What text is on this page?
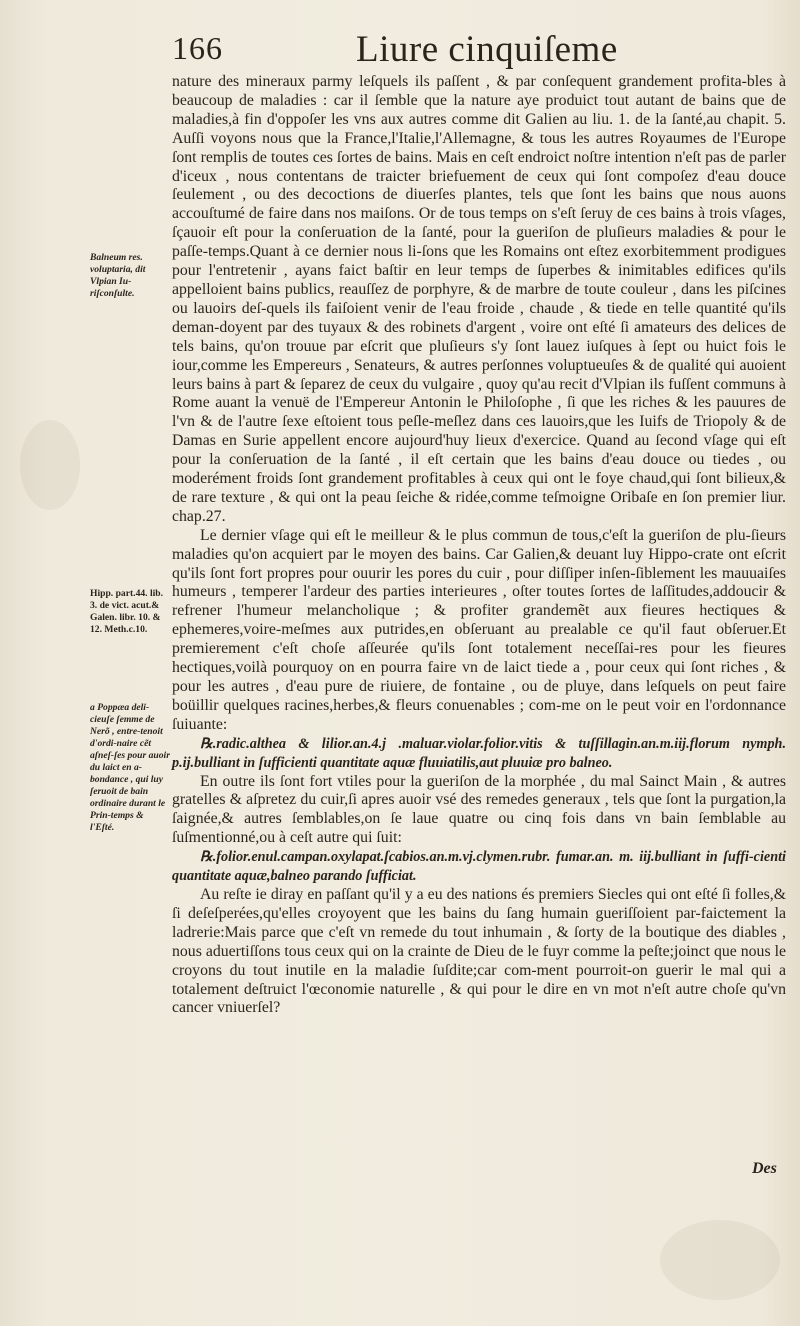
166	Liure cinquiſeme

nature des mineraux parmy leſquels ils paſſent , & par conſequent grandement profita-bles à beaucoup de maladies : car il ſemble que la nature aye produict tout autant de bains que de maladies,à fin d'oppoſer les vns aux autres comme dit Galien au liu. 1. de la ſanté,au chapit. 5. Auſſi voyons nous que la France,l'Italie,l'Allemagne, & tous les autres Royaumes de l'Europe ſont remplis de toutes ces ſortes de bains. Mais en ceſt endroict noſtre intention n'eſt pas de parler d'iceux , nous contentans de traicter briefuement de ceux qui ſont compoſez d'eau douce ſeulement , ou des decoctions de diuerſes plantes, tels que ſont les bains que nous auons accouſtumé de faire dans nos maiſons. Or de tous temps on s'eſt ſeruy de ces bains à trois vſages, ſçauoir eſt pour la conſeruation de la ſanté, pour la gueriſon de pluſieurs maladies & pour le paſſe-temps.Quant à ce dernier nous li-ſons que les Romains ont eſtez exorbitemment prodigues pour l'entretenir , ayans faict baſtir en leur temps de ſuperbes & inimitables edifices qu'ils appelloient bains publics, reauſſez de porphyre, & de marbre de toute couleur , dans les piſcines ou lauoirs deſ-quels ils faiſoient venir de l'eau froide , chaude , & tiede en telle quantité qu'ils deman-doyent par des tuyaux & des robinets d'argent , voire ont eſté ſi amateurs des delices de tels bains, qu'on trouue par eſcrit que pluſieurs s'y ſont lauez iuſques à ſept ou huict fois le iour,comme les Empereurs , Senateurs, & autres perſonnes voluptueuſes & de qualité qui auoient leurs bains à part & ſeparez de ceux du vulgaire , quoy qu'au recit d'Vlpian ils fuſſent communs à Rome auant la venuë de l'Empereur Antonin le Philoſophe , ſi que les riches & les pauures de l'vn & de l'autre ſexe eſtoient tous peſle-meſlez dans ces lauoirs,que les Iuifs de Triopoly & de Damas en Surie appellent encore aujourd'huy lieux d'exercice. Quand au ſecond vſage qui eſt pour la conſeruation de la ſanté , il eſt certain que les bains d'eau douce ou tiedes , ou moderément froids ſont grandement profitables à ceux qui ont le foye chaud,qui ſont bilieux,& de rare texture , & qui ont la peau ſeiche & ridée,comme teſmoigne Oribaſe en ſon premier liur. chap.27.

Le dernier vſage qui eſt le meilleur & le plus commun de tous,c'eſt la gueriſon de plu-ſieurs maladies qu'on acquiert par le moyen des bains. Car Galien,& deuant luy Hippo-crate ont eſcrit qu'ils ſont fort propres pour ouurir les pores du cuir , pour diſſiper inſen-ſiblement les mauuaiſes humeurs , temperer l'ardeur des parties interieures , oſter toutes ſortes de laſſitudes,addoucir & refrener l'humeur melancholique ; & profiter grandemẽt aux fieures hectiques & ephemeres,voire-meſmes aux putrides,en obſeruant au prealable ce qu'il faut obſeruer.Et premierement c'eſt choſe aſſeurée qu'ils ſont totalement neceſſai-res pour les fieures hectiques,voilà pourquoy on en pourra faire vn de laict tiede a , pour ceux qui ſont riches , & pour les autres , d'eau pure de riuiere, de fontaine , ou de pluye, dans leſquels on peut faire boüillir quelques racines,herbes,& fleurs conuenables ; com-me on le peut voir en l'ordonnance ſuiuante:

℞.radic.althea & lilior.an.4.j .maluar.violar.folior.vitis & tuſſillagin.an.m.iij.florum nymph. p.ij.bulliant in ſufficienti quantitate aquæ fluuiatilis,aut pluuiæ pro balneo.

En outre ils ſont fort vtiles pour la gueriſon de la morphée , du mal Sainct Main , & autres gratelles & aſpretez du cuir,ſi apres auoir vsé des remedes generaux , tels que ſont la purgation,la ſaignée,& autres ſemblables,on ſe laue quatre ou cinq fois dans vn bain ſemblable au ſuſmentionné,ou à ceſt autre qui ſuit:

℞.folior.enul.campan.oxylapat.ſcabios.an.m.vj.clymen.rubr. fumar.an. m. iij.bulliant in ſuffi-cienti quantitate aquæ,balneo parando ſufficiat.

Au reſte ie diray en paſſant qu'il y a eu des nations és premiers Siecles qui ont eſté ſi folles,& ſi deſeſperées,qu'elles croyoyent que les bains du ſang humain gueriſſoient par-faictement la ladrerie:Mais parce que c'eſt vn remede du tout inhumain , & ſorty de la boutique des diables , nous aduertiſſons tous ceux qui on la crainte de Dieu de le fuyr comme la peſte;joinct que nous le croyons du tout inutile en la maladie ſuſdite;car com-ment pourroit-on guerir le mal qui a totalement deſtruict l'œconomie naturelle , & qui pour le dire en vn mot n'eſt autre choſe qu'vn cancer vniuerſel?

Balneum res. voluptaria, dit Vlpian Iu-riſconſulte.
Hipp. part.44. lib. 3. de vict. acut.& Galen. libr. 10. & 12. Meth.c.10.
a Poppæa deli-cieuſe ſemme de Nerõ , entre-tenoit d'ordi-naire cẽt aſneſ-ſes pour auoir du laict en a-bondance , qui luy ſeruoit de bain ordinaire durant le Prin-temps & l'Eſté.
Des
